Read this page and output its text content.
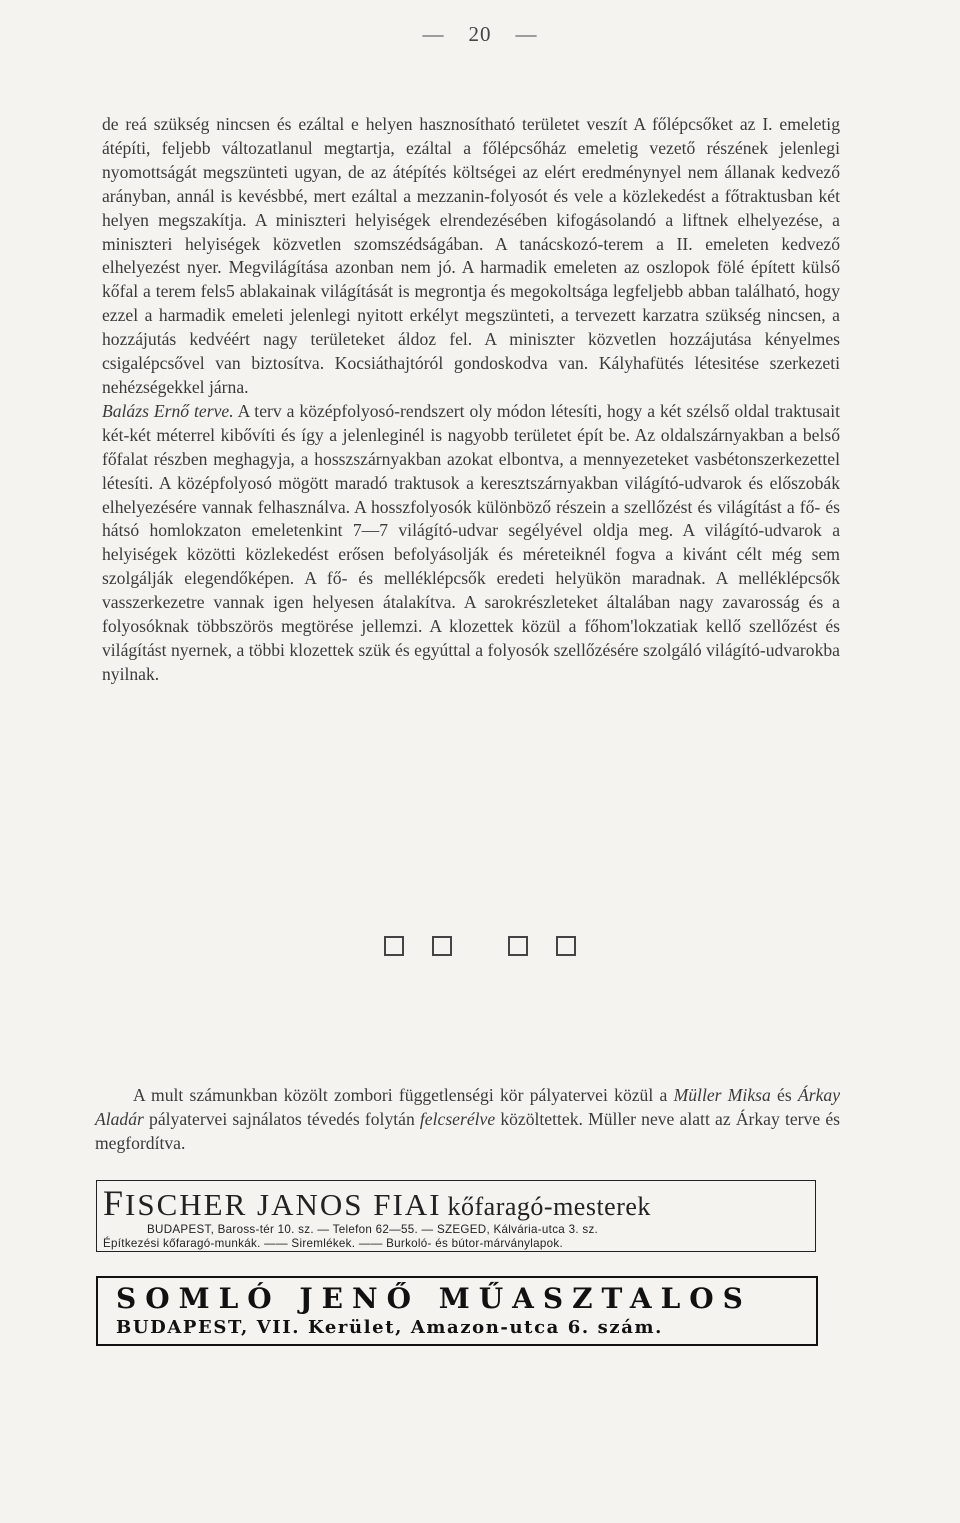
— 20 —

de reá szükség nincsen és ezáltal e helyen hasznosítható területet veszít A főlépcsőket az I. emeletig átépíti, feljebb változatlanul megtartja, ezáltal a főlépcsőház emeletig vezető részének jelenlegi nyomottságát megszünteti ugyan, de az átépítés költségei az elért eredménynyel nem állanak kedvező arányban, annál is kevésbbé, mert ezáltal a mezzanin-folyosót és vele a közlekedést a főtraktusban két helyen megszakítja. A miniszteri helyiségek elrendezésében kifogásolandó a liftnek elhelyezése, a miniszteri helyiségek közvetlen szomszédságában. A tanácskozó-terem a II. emeleten kedvező elhelyezést nyer. Megvilágítása azonban nem jó. A harmadik emeleten az oszlopok fölé épített külső kőfal a terem fels5 ablakainak világítását is megrontja és megokoltsága legfeljebb abban található, hogy ezzel a harmadik emeleti jelenlegi nyitott erkélyt megszünteti, a tervezett karzatra szükség nincsen, a hozzájutás kedvéért nagy területeket áldoz fel. A miniszter közvetlen hozzájutása kényelmes csigalépcsővel van biztosítva. Kocsiáthajtóról gondoskodva van. Kályhafütés létesitése szerkezeti nehézségekkel járna.

Balázs Ernő terve. A terv a középfolyosó-rendszert oly módon létesíti, hogy a két szélső oldal traktusait két-két méterrel kibővíti és így a jelenleginél is nagyobb területet épít be. Az oldalszárnyakban a belső főfalat részben meghagyja, a hosszszárnyakban azokat elbontva, a mennyezeteket vasbétonszerkezettel létesíti. A középfolyosó mögött maradó traktusok a keresztszárnyakban világító-udvarok és előszobák elhelyezésére vannak felhasználva. A hosszfolyosók különböző részein a szellőzést és világítást a fő- és hátsó homlokzaton emeletenkint 7—7 világító-udvar segélyével oldja meg. A világító-udvarok a helyiségek közötti közlekedést erősen befolyásolják és méreteiknél fogva a kivánt célt még sem szolgálják elegendőképen. A fő- és melléklépcsők eredeti helyükön maradnak. A melléklépcsők vasszerkezetre vannak igen helyesen átalakítva. A sarokrészleteket általában nagy zavarosság és a folyosóknak többszörös megtörése jellemzi. A klozettek közül a főhom'lokzatiak kellő szellőzést és világítást nyernek, a többi klozettek szük és egyúttal a folyosók szellőzésére szolgáló világító-udvarokba nyilnak.

A mult számunkban közölt zombori függetlenségi kör pályatervei közül a Müller Miksa és Árkay Aladár pályatervei sajnálatos tévedés folytán felcserélve közöltettek. Müller neve alatt az Árkay terve és megfordítva.

FISCHER JANOS FIAI kőfaragó-mesterek
BUDAPEST, Baross-tér 10. sz. — Telefon 62—55. — SZEGED, Kálvária-utca 3. sz.
Építkezési kőfaragó-munkák. —— Siremlékek. —— Burkoló- és bútor-márványlapok.
SOMLÓ JENŐ MŰASZTALOS
BUDAPEST, VII. Kerület, Amazon-utca 6. szám.
